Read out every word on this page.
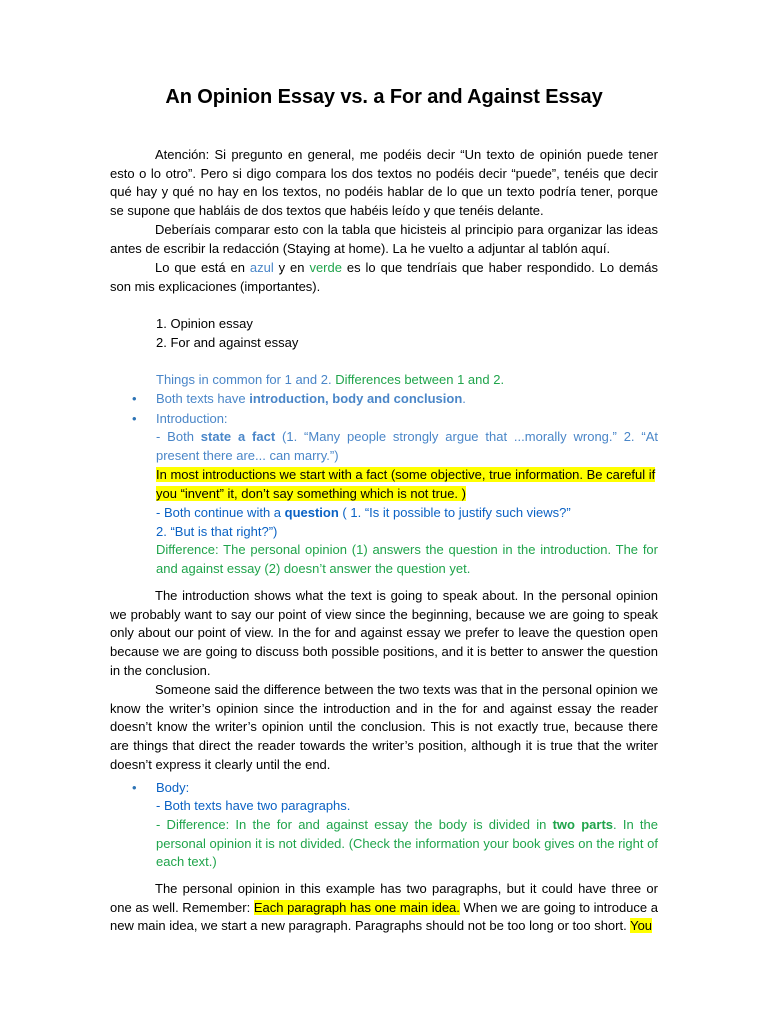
An Opinion Essay vs. a For and Against Essay

Atención: Si pregunto en general, me podéis decir “Un texto de opinión puede tener esto o lo otro”. Pero si digo compara los dos textos no podéis decir “puede”, tenéis que decir qué hay y qué no hay en los textos, no podéis hablar de lo que un texto podría tener, porque se supone que habláis de dos textos que habéis leído y que tenéis delante.

Deberíais comparar esto con la tabla que hicisteis al principio para organizar las ideas antes de escribir la redacción (Staying at home). La he vuelto a adjuntar al tablón aquí.

Lo que está en azul y en verde es lo que tendríais que haber respondido. Lo demás son mis explicaciones (importantes).

1. Opinion essay

2. For and against essay

Things in common for 1 and 2. Differences between 1 and 2.

• Both texts have introduction, body and conclusion.

• Introduction:

- Both state a fact (1. “Many people strongly argue that ...morally wrong.” 2. “At present there are... can marry.”)

In most introductions we start with a fact (some objective, true information. Be careful if you “invent” it, don’t say something which is not true. )

- Both continue with a question ( 1. “Is it possible to justify such views?”
2. “But is that right?”)

Difference: The personal opinion (1) answers the question in the introduction. The for and against essay (2) doesn’t answer the question yet.

The introduction shows what the text is going to speak about. In the personal opinion we probably want to say our point of view since the beginning, because we are going to speak only about our point of view. In the for and against essay we prefer to leave the question open because we are going to discuss both possible positions, and it is better to answer the question in the conclusion.

Someone said the difference between the two texts was that in the personal opinion we know the writer’s opinion since the introduction and in the for and against essay the reader doesn’t know the writer’s opinion until the conclusion. This is not exactly true, because there are things that direct the reader towards the writer’s position, although it is true that the writer doesn’t express it clearly until the end.

• Body:

- Both texts have two paragraphs.

- Difference: In the for and against essay the body is divided in two parts. In the personal opinion it is not divided. (Check the information your book gives on the right of each text.)

The personal opinion in this example has two paragraphs, but it could have three or one as well. Remember: Each paragraph has one main idea. When we are going to introduce a new main idea, we start a new paragraph. Paragraphs should not be too long or too short. You
